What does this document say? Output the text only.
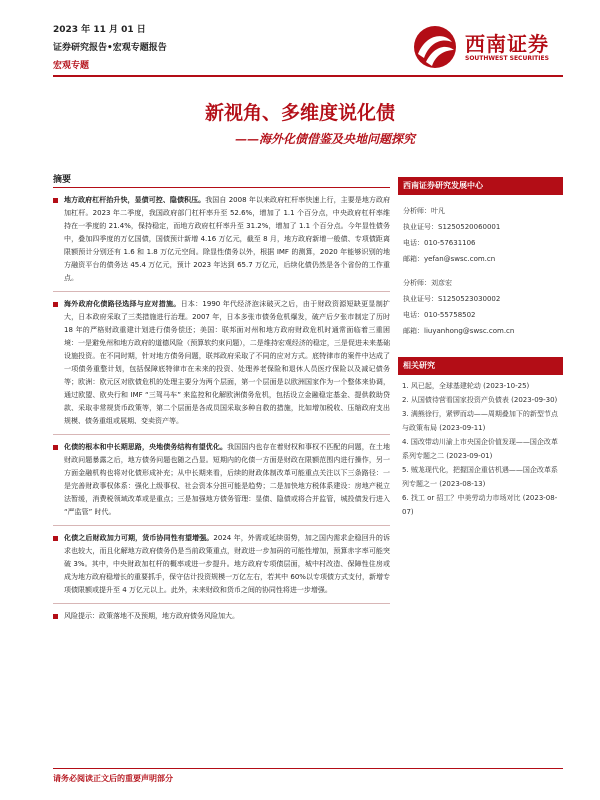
2023 年 11 月 01 日
证券研究报告•宏观专题报告
宏观专题
西南证券
SOUTHWEST SECURITIES
新视角、多维度说化债
——海外化债借鉴及央地问题探究
摘要
地方政府杠杆抬升快，显债可控、隐债积压。我国自 2008 年以来政府杠杆率快速上行，主要是地方政府加杠杆。2023 年二季度，我国政府部门杠杆率升至 52.6%，增加了 1.1 个百分点，中央政府杠杆率维持在一季度的 21.4%，保持稳定，而地方政府杠杆率升至 31.2%，增加了 1.1 个百分点。今年显性债务中，叠加四季度的万亿国债，国债预计新增 4.16 万亿元，截至 8 月，地方政府新增一般债、专项债距离限额预计分别还有 1.6 和 1.8 万亿元空间。除显性债务以外，根据 IMF 的测算，2020 年能够识别的地方融资平台的债务达 45.4 万亿元，预计 2023 年达到 65.7 万亿元，后续化债仍然是各个省份的工作重点。
海外政府化债路径选择与应对措施。日本：1990 年代经济泡沫破灭之后，由于财政资源短缺更显制扩大，日本政府采取了三类措施进行治理。2007 年，日本多张市债务危机爆发，破产后夕张市制定了历时 18 年的严格财政重建计划进行债务偿还；美国：联邦面对州和地方政府财政危机时通常面临着三重困境：一是避免州和地方政府的道德风险（预算软约束问题），二是维持宏观经济的稳定，三是促进未来基础设施投资。在不同时期，针对地方债务问题，联邦政府采取了不同的应对方式。底特律市的案件中达成了一项债务重整计划，包括保障底特律市在未来的投资、处理养老保险和退休人员医疗保险以及减记债务等；欧洲：欧元区对欧债危机的处理主要分为两个层面，第一个层面是以欧洲国家作为一个整体来协调，通过欧盟、欧央行和 IMF “三驾马车” 来监控和化解欧洲债务危机，包括设立金融稳定基金、提供救助贷款、采取非常规货币政策等，第二个层面是各成员国采取多种自救的措施，比如增加税收、压缩政府支出规模、债务重组或展期、变卖资产等。
化债的根本和中长期思路，央地债务结构有望优化。我国国内也存在着财权和事权不匹配的问题，在土地财政问题暴露之后，地方债务问题也随之凸显。短期内的化债一方面是财政在限额范围内进行操作，另一方面金融机构也将对化债形成补充；从中长期来看，后续的财政体制改革可能重点关注以下三条路径：一是完善财政事权体系：强化上级事权、社会资本分担可能是趋势；二是加快地方税体系建设：房地产税立法暂缓，消费税领域改革或是重点；三是加强地方债务管理：显债、隐债或将合并监管，城投债发行进入 “严监管” 时代。
化债之后财政加力可期，货币协同性有望增强。2024 年，外需或延续弱势，加之国内需求企稳回升的诉求也较大，而且化解地方政府债务仍是当前政策重点，财政进一步加码的可能性增加，预算赤字率可能突破 3%。其中，中央财政加杠杆的概率或进一步提升。地方政府专项债层面，城中村改造、保障性住房或成为地方政府稳增长的重要抓手，保守估计投资规模一万亿左右，若其中 60%以专项债方式支付，新增专项债限额或提升至 4 万亿元以上。此外，未来财政和货币之间的协同性将进一步增强。
风险提示：政策落地不及预期，地方政府债务风险加大。
西南证券研究发展中心
分析师：叶凡
执业证号：S1250520060001
电话：010-57631106
邮箱：yefan@swsc.com.cn
分析师：刘彦宏
执业证号：S1250523030002
电话：010-55758502
邮箱：liuyanhong@swsc.com.cn
相关研究
1. 风已起，全球基建轮动 (2023-10-25)
2. 从国债待营看国家投资产负债表 (2023-09-30)
3. 满熊徐行，紧锣而动——周期叠加下的新型节点与政策布局 (2023-09-11)
4. 国改带动川渝上市央国企价值发现——国企改革系列专题之二 (2023-09-01)
5. 贼尨现代化，把握国企重估机遇——国企改革系列专题之一 (2023-08-13)
6. 找工 or 招工？中美劳动力市场对比 (2023-08-07)
请务必阅读正文后的重要声明部分
